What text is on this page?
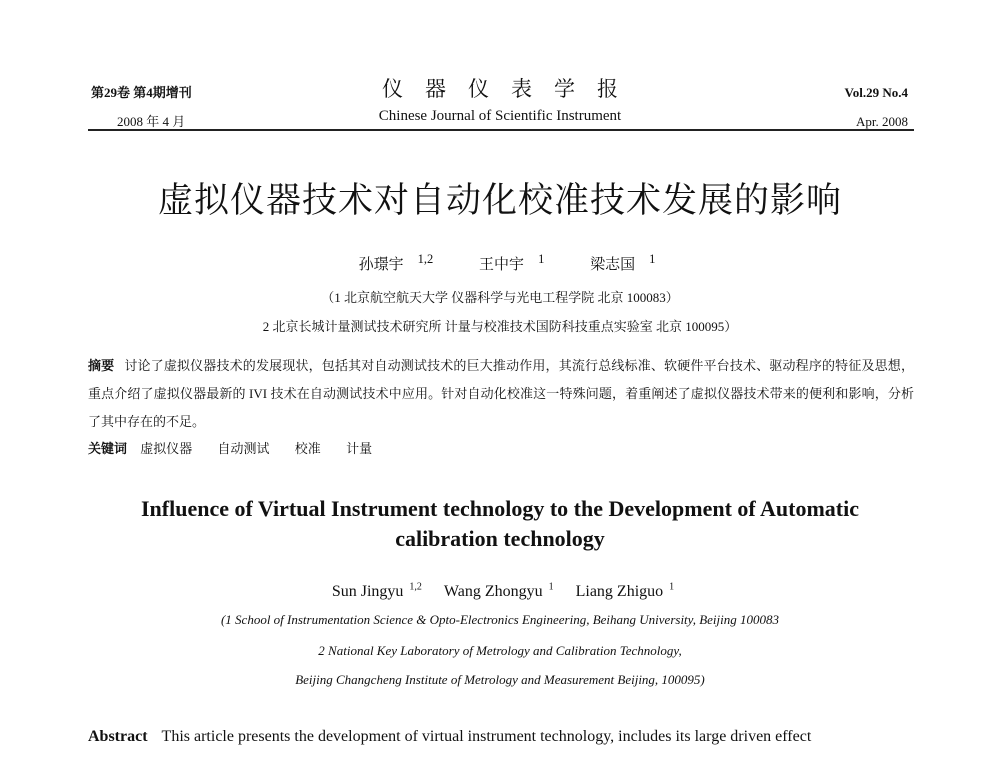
第29卷 第4期增刊
2008 年 4 月
仪器仪表学报
Chinese Journal of Scientific Instrument
Vol.29 No.4
Apr. 2008
虚拟仪器技术对自动化校准技术发展的影响
孙璟宇 $^{1,2}$	王中宇 $^1$	梁志国 $^1$
（1 北京航空航天大学 仪器科学与光电工程学院 北京 100083）
2 北京长城计量测试技术研究所 计量与校准技术国防科技重点实验室 北京 100095）
摘要 讨论了虚拟仪器技术的发展现状，包括其对自动测试技术的巨大推动作用，其流行总线标准、软硬件平台技术、驱动程序的特征及思想，重点介绍了虚拟仪器最新的 IVI 技术在自动测试技术中应用。针对自动化校准这一特殊问题，着重阐述了虚拟仪器技术带来的便利和影响，分析了其中存在的不足。
关键词 虚拟仪器 自动测试 校准 计量
Influence of Virtual Instrument technology to the Development of Automatic calibration technology
Sun Jingyu $^{1,2}$ Wang Zhongyu $^1$ Liang Zhiguo $^1$
(1 School of Instrumentation Science & Opto-Electronics Engineering, Beihang University, Beijing 100083
2 National Key Laboratory of Metrology and Calibration Technology,
Beijing Changcheng Institute of Metrology and Measurement Beijing, 100095)
Abstract This article presents the development of virtual instrument technology, includes its large driven effect
